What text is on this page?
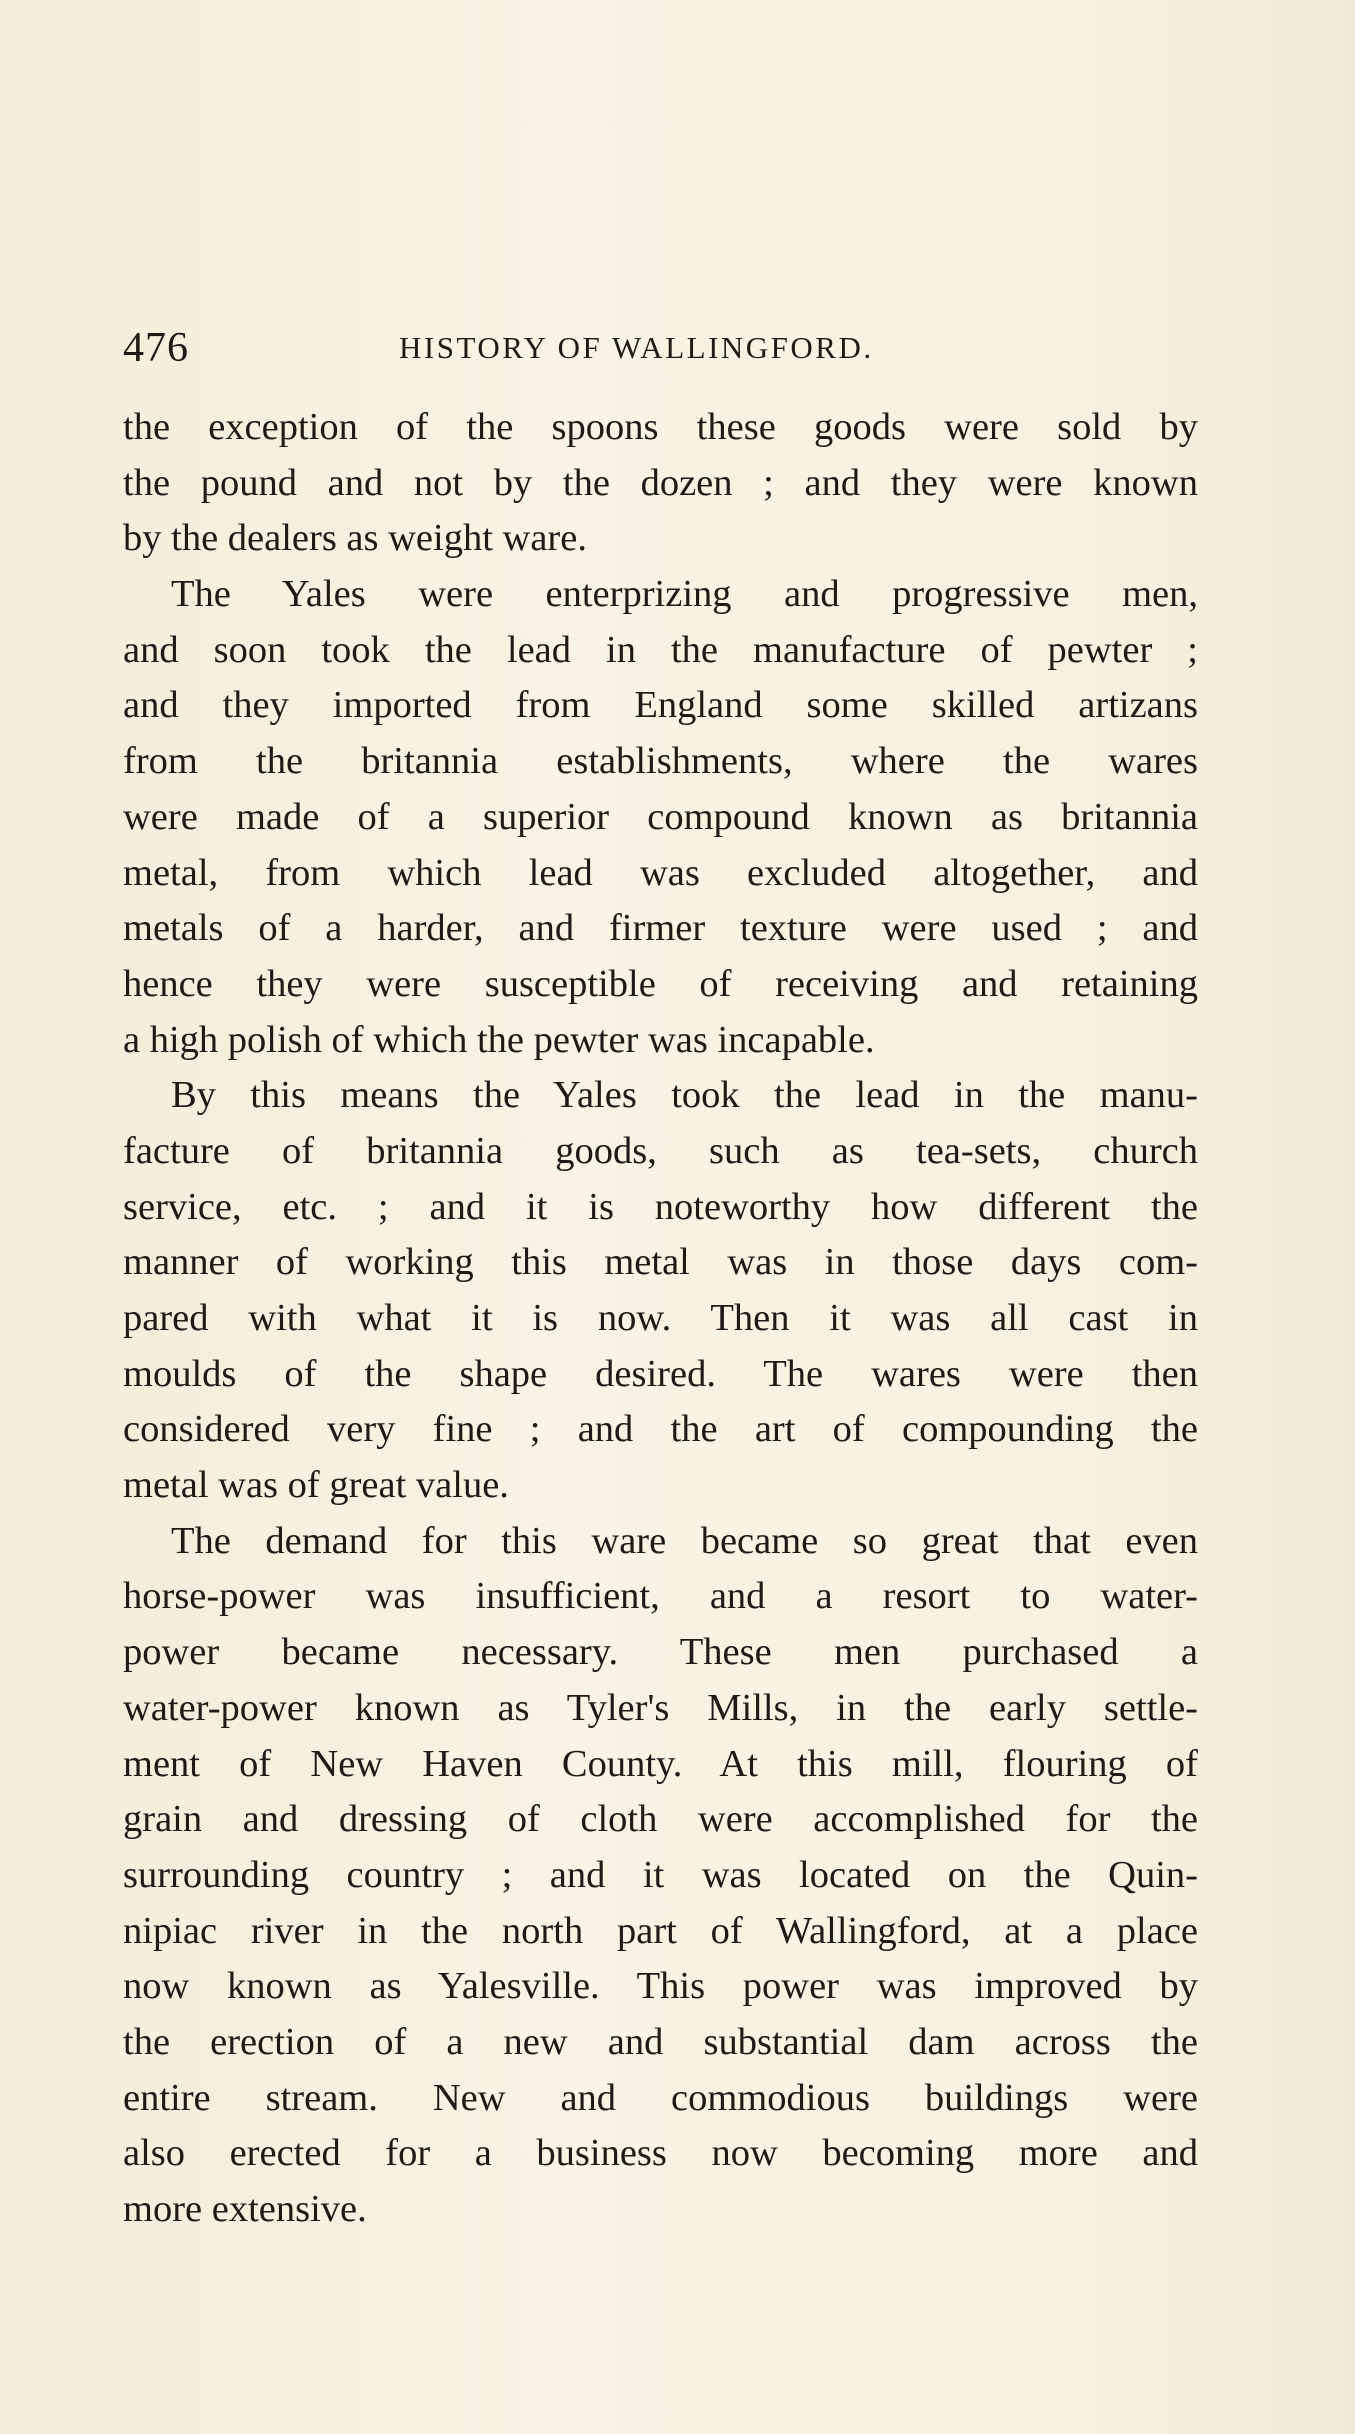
476	HISTORY OF WALLINGFORD.
the exception of the spoons these goods were sold by
the pound and not by the dozen ; and they were known
by the dealers as weight ware.
The Yales were enterprizing and progressive men,
and soon took the lead in the manufacture of pewter ;
and they imported from England some skilled artizans
from the britannia establishments, where the wares
were made of a superior compound known as britannia
metal, from which lead was excluded altogether, and
metals of a harder, and firmer texture were used ; and
hence they were susceptible of receiving and retaining
a high polish of which the pewter was incapable.
By this means the Yales took the lead in the manu-
facture of britannia goods, such as tea-sets, church
service, etc. ; and it is noteworthy how different the
manner of working this metal was in those days com-
pared with what it is now. Then it was all cast in
moulds of the shape desired. The wares were then
considered very fine ; and the art of compounding the
metal was of great value.
The demand for this ware became so great that even
horse-power was insufficient, and a resort to water-
power became necessary. These men purchased a
water-power known as Tyler's Mills, in the early settle-
ment of New Haven County. At this mill, flouring of
grain and dressing of cloth were accomplished for the
surrounding country ; and it was located on the Quin-
nipiac river in the north part of Wallingford, at a place
now known as Yalesville. This power was improved by
the erection of a new and substantial dam across the
entire stream. New and commodious buildings were
also erected for a business now becoming more and
more extensive.
